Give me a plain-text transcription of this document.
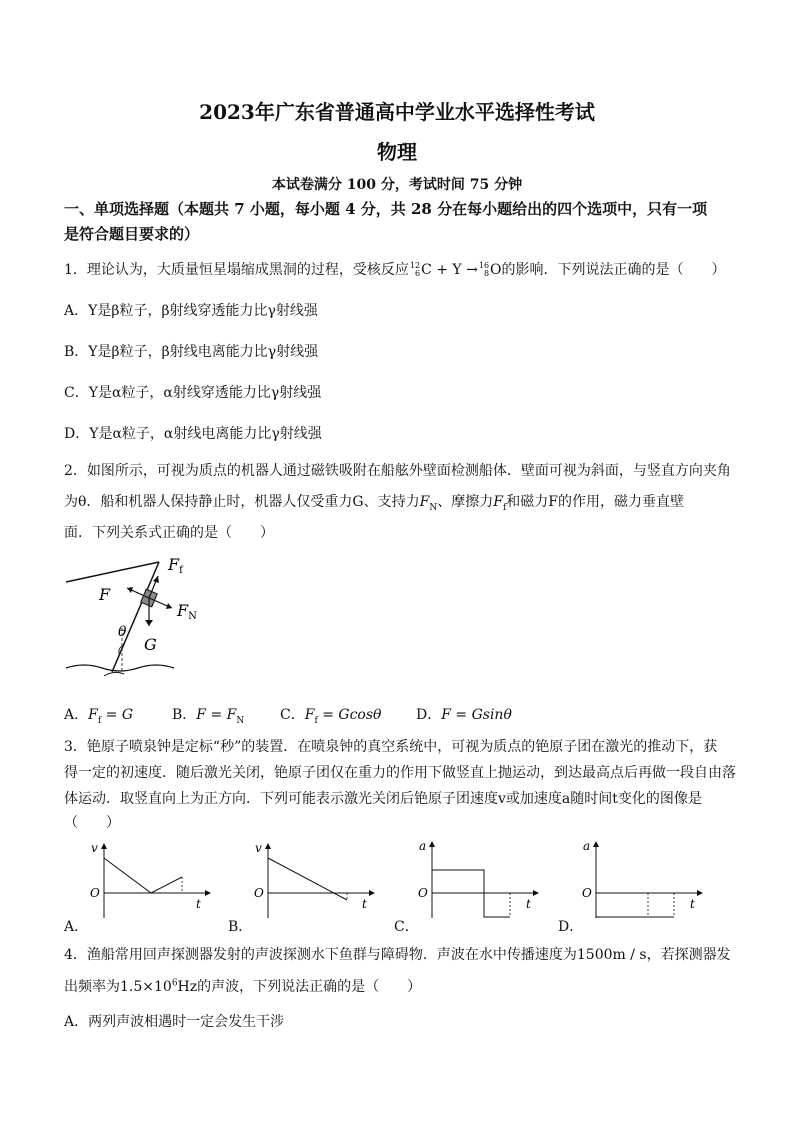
2023年广东省普通高中学业水平选择性考试
物理
本试卷满分 100 分，考试时间 75 分钟
一、单项选择题（本题共 7 小题，每小题 4 分，共 28 分在每小题给出的四个选项中，只有一项
是符合题目要求的）
1．理论认为，大质量恒星塌缩成黑洞的过程，受核反应 12
6 C + Y → 16
8 O的影响．下列说法正确的是（　　）
A．Y是β粒子，β射线穿透能力比γ射线强
B．Y是β粒子，β射线电离能力比γ射线强
C．Y是α粒子，α射线穿透能力比γ射线强
D．Y是α粒子，α射线电离能力比γ射线强
2．如图所示，可视为质点的机器人通过磁铁吸附在船舷外壁面检测船体．壁面可视为斜面，与竖直方向夹角
为θ．船和机器人保持静止时，机器人仅受重力G、支持力$F_N$、摩擦力$F_f$和磁力F的作用，磁力垂直壁
面．下列关系式正确的是（　　）
Ff
F
FN
G
θ
A．$F_f = G$	B．$F = F_N$	C．$F_f = Gcos\theta$ D．F = Gsinθ
3．铯原子喷泉钟是定标“秒”的装置．在喷泉钟的真空系统中，可视为质点的铯原子团在激光的推动下，获
得一定的初速度．随后激光关闭，铯原子团仅在重力的作用下做竖直上抛运动，到达最高点后再做一段自由落
体运动．取竖直向上为正方向．下列可能表示激光关闭后铯原子团速度v或加速度a随时间t变化的图像是
（　　）
v
O
t
A．
v
O
t
B．
a
O
t
C．
a
O
t
D．
4．渔船常用回声探测器发射的声波探测水下鱼群与障碍物．声波在水中传播速度为1500m / s，若探测器发
出频率为$1.5\times 10^6Hz$的声波，下列说法正确的是（　　）
A．两列声波相遇时一定会发生干涉
